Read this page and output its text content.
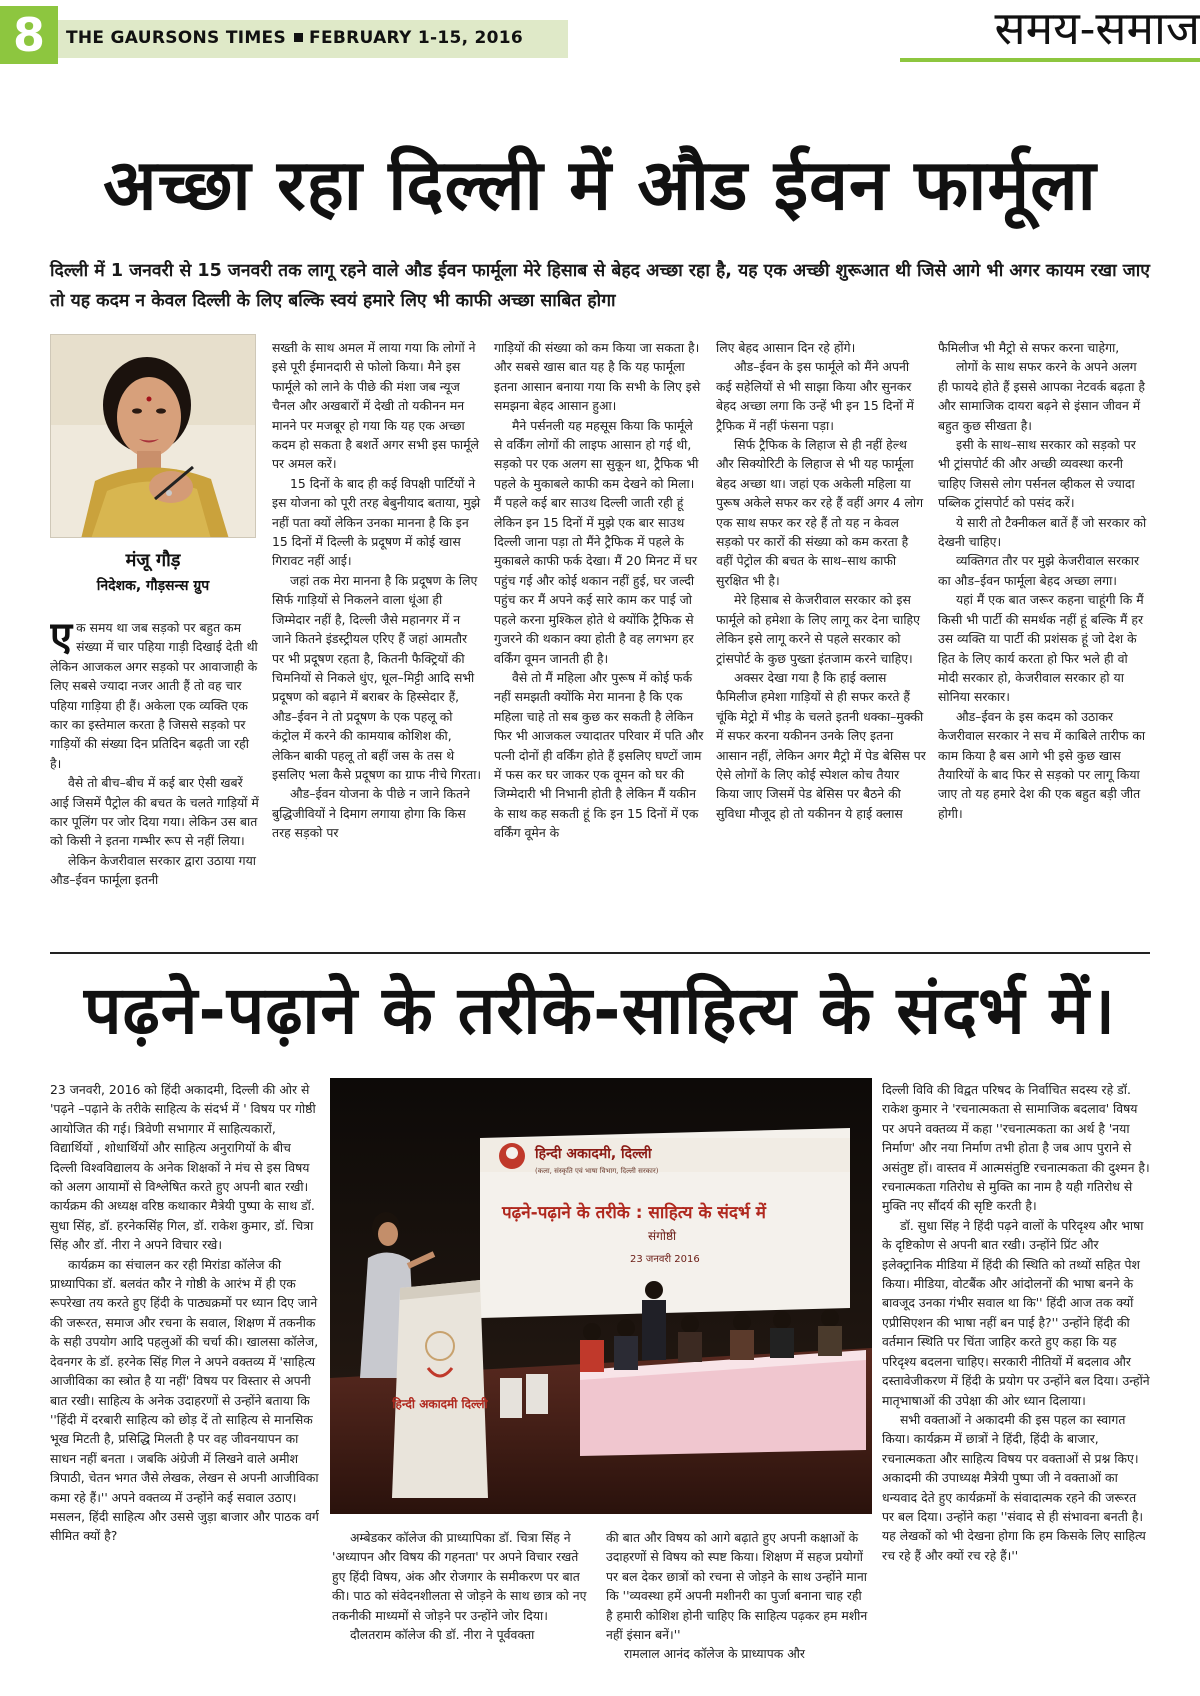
8	THE GAURSONS TIMES FEBRUARY 1-15, 2016	समय-समाज
अच्छा रहा दिल्ली में औड ईवन फार्मूला

दिल्ली में 1 जनवरी से 15 जनवरी तक लागू रहने वाले औड ईवन फार्मूला मेरे हिसाब से बेहद अच्छा रहा है, यह एक अच्छी शुरूआत थी जिसे आगे भी अगर कायम रखा जाए तो यह कदम न केवल दिल्ली के लिए बल्कि स्वयं हमारे लिए भी काफी अच्छा साबित होगा

मंजू गौड़
निदेशक, गौड़सन्स ग्रुप

एक समय था जब सड़को पर बहुत कम संख्या में चार पहिया गाड़ी दिखाई देती थी लेकिन आजकल अगर सड़को पर आवाजाही के लिए सबसे ज्यादा नजर आती हैं तो वह चार पहिया गाड़िया ही हैं। अकेला एक व्यक्ति एक कार का इस्तेमाल करता है जिससे सड़को पर गाड़ियों की संख्या दिन प्रतिदिन बढ़ती जा रही है।

वैसे तो बीच–बीच में कई बार ऐसी खबरें आई जिसमें पैट्रोल की बचत के चलते गाड़ियों में कार पूलिंग पर जोर दिया गया। लेकिन उस बात को किसी ने इतना गम्भीर रूप से नहीं लिया।

लेकिन केजरीवाल सरकार द्वारा उठाया गया औड–ईवन फार्मूला इतनी

सख्ती के साथ अमल में लाया गया कि लोगों ने इसे पूरी ईमानदारी से फोलो किया। मैने इस फार्मूले को लाने के पीछे की मंशा जब न्यूज चैनल और अखबारों में देखी तो यकीनन मन मानने पर मजबूर हो गया कि यह एक अच्छा कदम हो सकता है बशर्ते अगर सभी इस फार्मूले पर अमल करें।

15 दिनों के बाद ही कई विपक्षी पार्टियों ने इस योजना को पूरी तरह बेबुनीयाद बताया, मुझे नहीं पता क्यों लेकिन उनका मानना है कि इन 15 दिनों में दिल्ली के प्रदूषण में कोई खास गिरावट नहीं आई।

जहां तक मेरा मानना है कि प्रदूषण के लिए सिर्फ गाड़ियों से निकलने वाला धूंआ ही जिम्मेदार नहीं है, दिल्ली जैसे महानगर में न जाने कितने इंडस्ट्रीयल एरिए हैं जहां आमतौर पर भी प्रदूषण रहता है, कितनी फैक्ट्रियों की चिमनियों से निकले धुंए, धूल–मिट्टी आदि सभी प्रदूषण को बढ़ाने में बराबर के हिस्सेदार हैं, औड–ईवन ने तो प्रदूषण के एक पहलू को कंट्रोल में करने की कामयाब कोशिश की, लेकिन बाकी पहलू तो बहीं जस के तस थे इसलिए भला कैसे प्रदूषण का ग्राफ नीचे गिरता।

औड–ईवन योजना के पीछे न जाने कितने बुद्धिजीवियों ने दिमाग लगाया होगा कि किस तरह सड़को पर

गाड़ियों की संख्या को कम किया जा सकता है। और सबसे खास बात यह है कि यह फार्मूला इतना आसान बनाया गया कि सभी के लिए इसे समझना बेहद आसान हुआ।

मैने पर्सनली यह महसूस किया कि फार्मूले से वर्किंग लोगों की लाइफ आसान हो गई थी, सड़को पर एक अलग सा सुकून था, ट्रैफिक भी पहले के मुकाबले काफी कम देखने को मिला। मैं पहले कई बार साउथ दिल्ली जाती रही हूं लेकिन इन 15 दिनों में मुझे एक बार साउथ दिल्ली जाना पड़ा तो मैंने ट्रैफिक में पहले के मुकाबले काफी फर्क देखा। मैं 20 मिनट में घर पहुंच गई और कोई थकान नहीं हुई, घर जल्दी पहुंच कर मैं अपने कई सारे काम कर पाई जो पहले करना मुश्किल होते थे क्योंकि ट्रैफिक से गुजरने की थकान क्या होती है वह लगभग हर वर्किंग वूमन जानती ही है।

वैसे तो मैं महिला और पुरूष में कोई फर्क नहीं समझती क्योंकि मेरा मानना है कि एक महिला चाहे तो सब कुछ कर सकती है लेकिन फिर भी आजकल ज्यादातर परिवार में पति और पत्नी दोनों ही वर्किंग होते हैं इसलिए घण्टों जाम में फस कर घर जाकर एक वूमन को घर की जिम्मेदारी भी निभानी होती है लेकिन मैं यकीन के साथ कह सकती हूं कि इन 15 दिनों में एक वर्किंग वूमेन के

लिए बेहद आसान दिन रहे होंगे।

औड–ईवन के इस फार्मूले को मैंने अपनी कई सहेलियों से भी साझा किया और सुनकर बेहद अच्छा लगा कि उन्हें भी इन 15 दिनों में ट्रैफिक में नहीं फंसना पड़ा।

सिर्फ ट्रैफिक के लिहाज से ही नहीं हेल्थ और सिक्योरिटी के लिहाज से भी यह फार्मूला बेहद अच्छा था। जहां एक अकेली महिला या पुरूष अकेले सफर कर रहे हैं वहीं अगर 4 लोग एक साथ सफर कर रहे हैं तो यह न केवल सड़को पर कारों की संख्या को कम करता है वहीं पेट्रोल की बचत के साथ–साथ काफी सुरक्षित भी है।

मेरे हिसाब से केजरीवाल सरकार को इस फार्मूले को हमेशा के लिए लागू कर देना चाहिए लेकिन इसे लागू करने से पहले सरकार को ट्रांसपोर्ट के कुछ पुख्ता इंतजाम करने चाहिए।

अक्सर देखा गया है कि हाई क्लास फैमिलीज हमेशा गाड़ियों से ही सफर करते हैं चूंकि मेट्रो में भीड़ के चलते इतनी धक्का–मुक्की में सफर करना यकीनन उनके लिए इतना आसान नहीं, लेकिन अगर मैट्रो में पेड बेसिस पर ऐसे लोगों के लिए कोई स्पेशल कोच तैयार किया जाए जिसमें पेड बेसिस पर बैठने की सुविधा मौजूद हो तो यकीनन ये हाई क्लास

फैमिलीज भी मैट्रो से सफर करना चाहेगा,

लोगों के साथ सफर करने के अपने अलग ही फायदे होते हैं इससे आपका नेटवर्क बढ़ता है और सामाजिक दायरा बढ़ने से इंसान जीवन में बहुत कुछ सीखता है।

इसी के साथ–साथ सरकार को सड़को पर भी ट्रांसपोर्ट की और अच्छी व्यवस्था करनी चाहिए जिससे लोग पर्सनल व्हीकल से ज्यादा पब्लिक ट्रांसपोर्ट को पसंद करें।

ये सारी तो टैक्नीकल बातें हैं जो सरकार को देखनी चाहिए।

व्यक्तिगत तौर पर मुझे केजरीवाल सरकार का औड–ईवन फार्मूला बेहद अच्छा लगा।

यहां मैं एक बात जरूर कहना चाहूंगी कि मैं किसी भी पार्टी की समर्थक नहीं हूं बल्कि मैं हर उस व्यक्ति या पार्टी की प्रशंसक हूं जो देश के हित के लिए कार्य करता हो फिर भले ही वो मोदी सरकार हो, केजरीवाल सरकार हो या सोनिया सरकार।

औड–ईवन के इस कदम को उठाकर केजरीवाल सरकार ने सच में काबिले तारीफ का काम किया है बस आगे भी इसे कुछ खास तैयारियों के बाद फिर से सड़को पर लागू किया जाए तो यह हमारे देश की एक बहुत बड़ी जीत होगी।

पढ़ने-पढ़ाने के तरीके-साहित्य के संदर्भ में।

23 जनवरी, 2016 को हिंदी अकादमी, दिल्ली की ओर से 'पढ़ने –पढ़ाने के तरीके साहित्य के संदर्भ में ' विषय पर गोष्ठी आयोजित की गई। त्रिवेणी सभागार में साहित्यकारों, विद्यार्थियों , शोधार्थियों और साहित्य अनुरागियों के बीच दिल्ली विश्वविद्यालय के अनेक शिक्षकों ने मंच से इस विषय को अलग आयामों से विश्लेषित करते हुए अपनी बात रखी। कार्यक्रम की अध्यक्ष वरिष्ठ कथाकार मैत्रेयी पुष्पा के साथ डॉ. सुधा सिंह, डॉ. हरनेकसिंह गिल, डॉ. राकेश कुमार, डॉ. चित्रा सिंह और डॉ. नीरा ने अपने विचार रखे।

कार्यक्रम का संचालन कर रही मिरांडा कॉलेज की प्राध्यापिका डॉ. बलवंत कौर ने गोष्ठी के आरंभ में ही एक रूपरेखा तय करते हुए हिंदी के पाठ्यक्रमों पर ध्यान दिए जाने की जरूरत, समाज और रचना के सवाल, शिक्षण में तकनीक के सही उपयोग आदि पहलुओं की चर्चा की। खालसा कॉलेज, देवनगर के डॉ. हरनेक सिंह गिल ने अपने वक्तव्य में 'साहित्य आजीविका का स्त्रोत है या नहीं' विषय पर विस्तार से अपनी बात रखी। साहित्य के अनेक उदाहरणों से उन्होंने बताया कि ''हिंदी में दरबारी साहित्य को छोड़ दें तो साहित्य से मानसिक भूख मिटती है, प्रसिद्धि मिलती है पर वह जीवनयापन का साधन नहीं बनता । जबकि अंग्रेजी में लिखने वाले अमीश त्रिपाठी, चेतन भगत जैसे लेखक, लेखन से अपनी आजीविका कमा रहे हैं।'' अपने वक्तव्य में उन्होंने कई सवाल उठाए। मसलन, हिंदी साहित्य और उससे जुड़ा बाजार और पाठक वर्ग सीमित क्यों है?

हिन्दी अकादमी, दिल्ली
(कला, संस्कृति एवं भाषा विभाग, दिल्ली सरकार)
पढ़ने-पढ़ाने के तरीके : साहित्य के संदर्भ में
संगोष्ठी
23 जनवरी 2016
हिन्दी अकादमी दिल्ली

अम्बेडकर कॉलेज की प्राध्यापिका डॉ. चित्रा सिंह ने 'अध्यापन और विषय की गहनता' पर अपने विचार रखते हुए हिंदी विषय, अंक और रोजगार के समीकरण पर बात की। पाठ को संवेदनशीलता से जोड़ने के साथ छात्र को नए तकनीकी माध्यमों से जोड़ने पर उन्होंने जोर दिया।

दौलतराम कॉलेज की डॉ. नीरा ने पूर्ववक्ता

की बात और विषय को आगे बढ़ाते हुए अपनी कक्षाओं के उदाहरणों से विषय को स्पष्ट किया। शिक्षण में सहज प्रयोगों पर बल देकर छात्रों को रचना से जोड़ने के साथ उन्होंने माना कि ''व्यवस्था हमें अपनी मशीनरी का पुर्जा बनाना चाह रही है हमारी कोशिश होनी चाहिए कि साहित्य पढ़कर हम मशीन नहीं इंसान बनें।''

रामलाल आनंद कॉलेज के प्राध्यापक और

दिल्ली विवि की विद्वत परिषद के निर्वाचित सदस्य रहे डॉ. राकेश कुमार ने 'रचनात्मकता से सामाजिक बदलाव' विषय पर अपने वक्तव्य में कहा ''रचनात्मकता का अर्थ है 'नया निर्माण' और नया निर्माण तभी होता है जब आप पुराने से असंतुष्ट हों। वास्तव में आत्मसंतुष्टि रचनात्मकता की दुश्मन है। रचनात्मकता गतिरोध से मुक्ति का नाम है यही गतिरोध से मुक्ति नए सौंदर्य की सृष्टि करती है।

डॉ. सुधा सिंह ने हिंदी पढ़ने वालों के परिदृश्य और भाषा के दृष्टिकोण से अपनी बात रखी। उन्होंने प्रिंट और इलेक्ट्रानिक मीडिया में हिंदी की स्थिति को तथ्यों सहित पेश किया। मीडिया, वोटबैंक और आंदोलनों की भाषा बनने के बावजूद उनका गंभीर सवाल था कि'' हिंदी आज तक क्यों एप्रीसिएशन की भाषा नहीं बन पाई है?'' उन्होंने हिंदी की वर्तमान स्थिति पर चिंता जाहिर करते हुए कहा कि यह परिदृश्य बदलना चाहिए। सरकारी नीतियों में बदलाव और दस्तावेजीकरण में हिंदी के प्रयोग पर उन्होंने बल दिया। उन्होंने मातृभाषाओं की उपेक्षा की ओर ध्यान दिलाया।

सभी वक्ताओं ने अकादमी की इस पहल का स्वागत किया। कार्यक्रम में छात्रों ने हिंदी, हिंदी के बाजार, रचनात्मकता और साहित्य विषय पर वक्ताओं से प्रश्न किए। अकादमी की उपाध्यक्ष मैत्रेयी पुष्पा जी ने वक्ताओं का धन्यवाद देते हुए कार्यक्रमों के संवादात्मक रहने की जरूरत पर बल दिया। उन्होंने कहा ''संवाद से ही संभावना बनती है। यह लेखकों को भी देखना होगा कि हम किसके लिए साहित्य रच रहे हैं और क्यों रच रहे हैं।''
